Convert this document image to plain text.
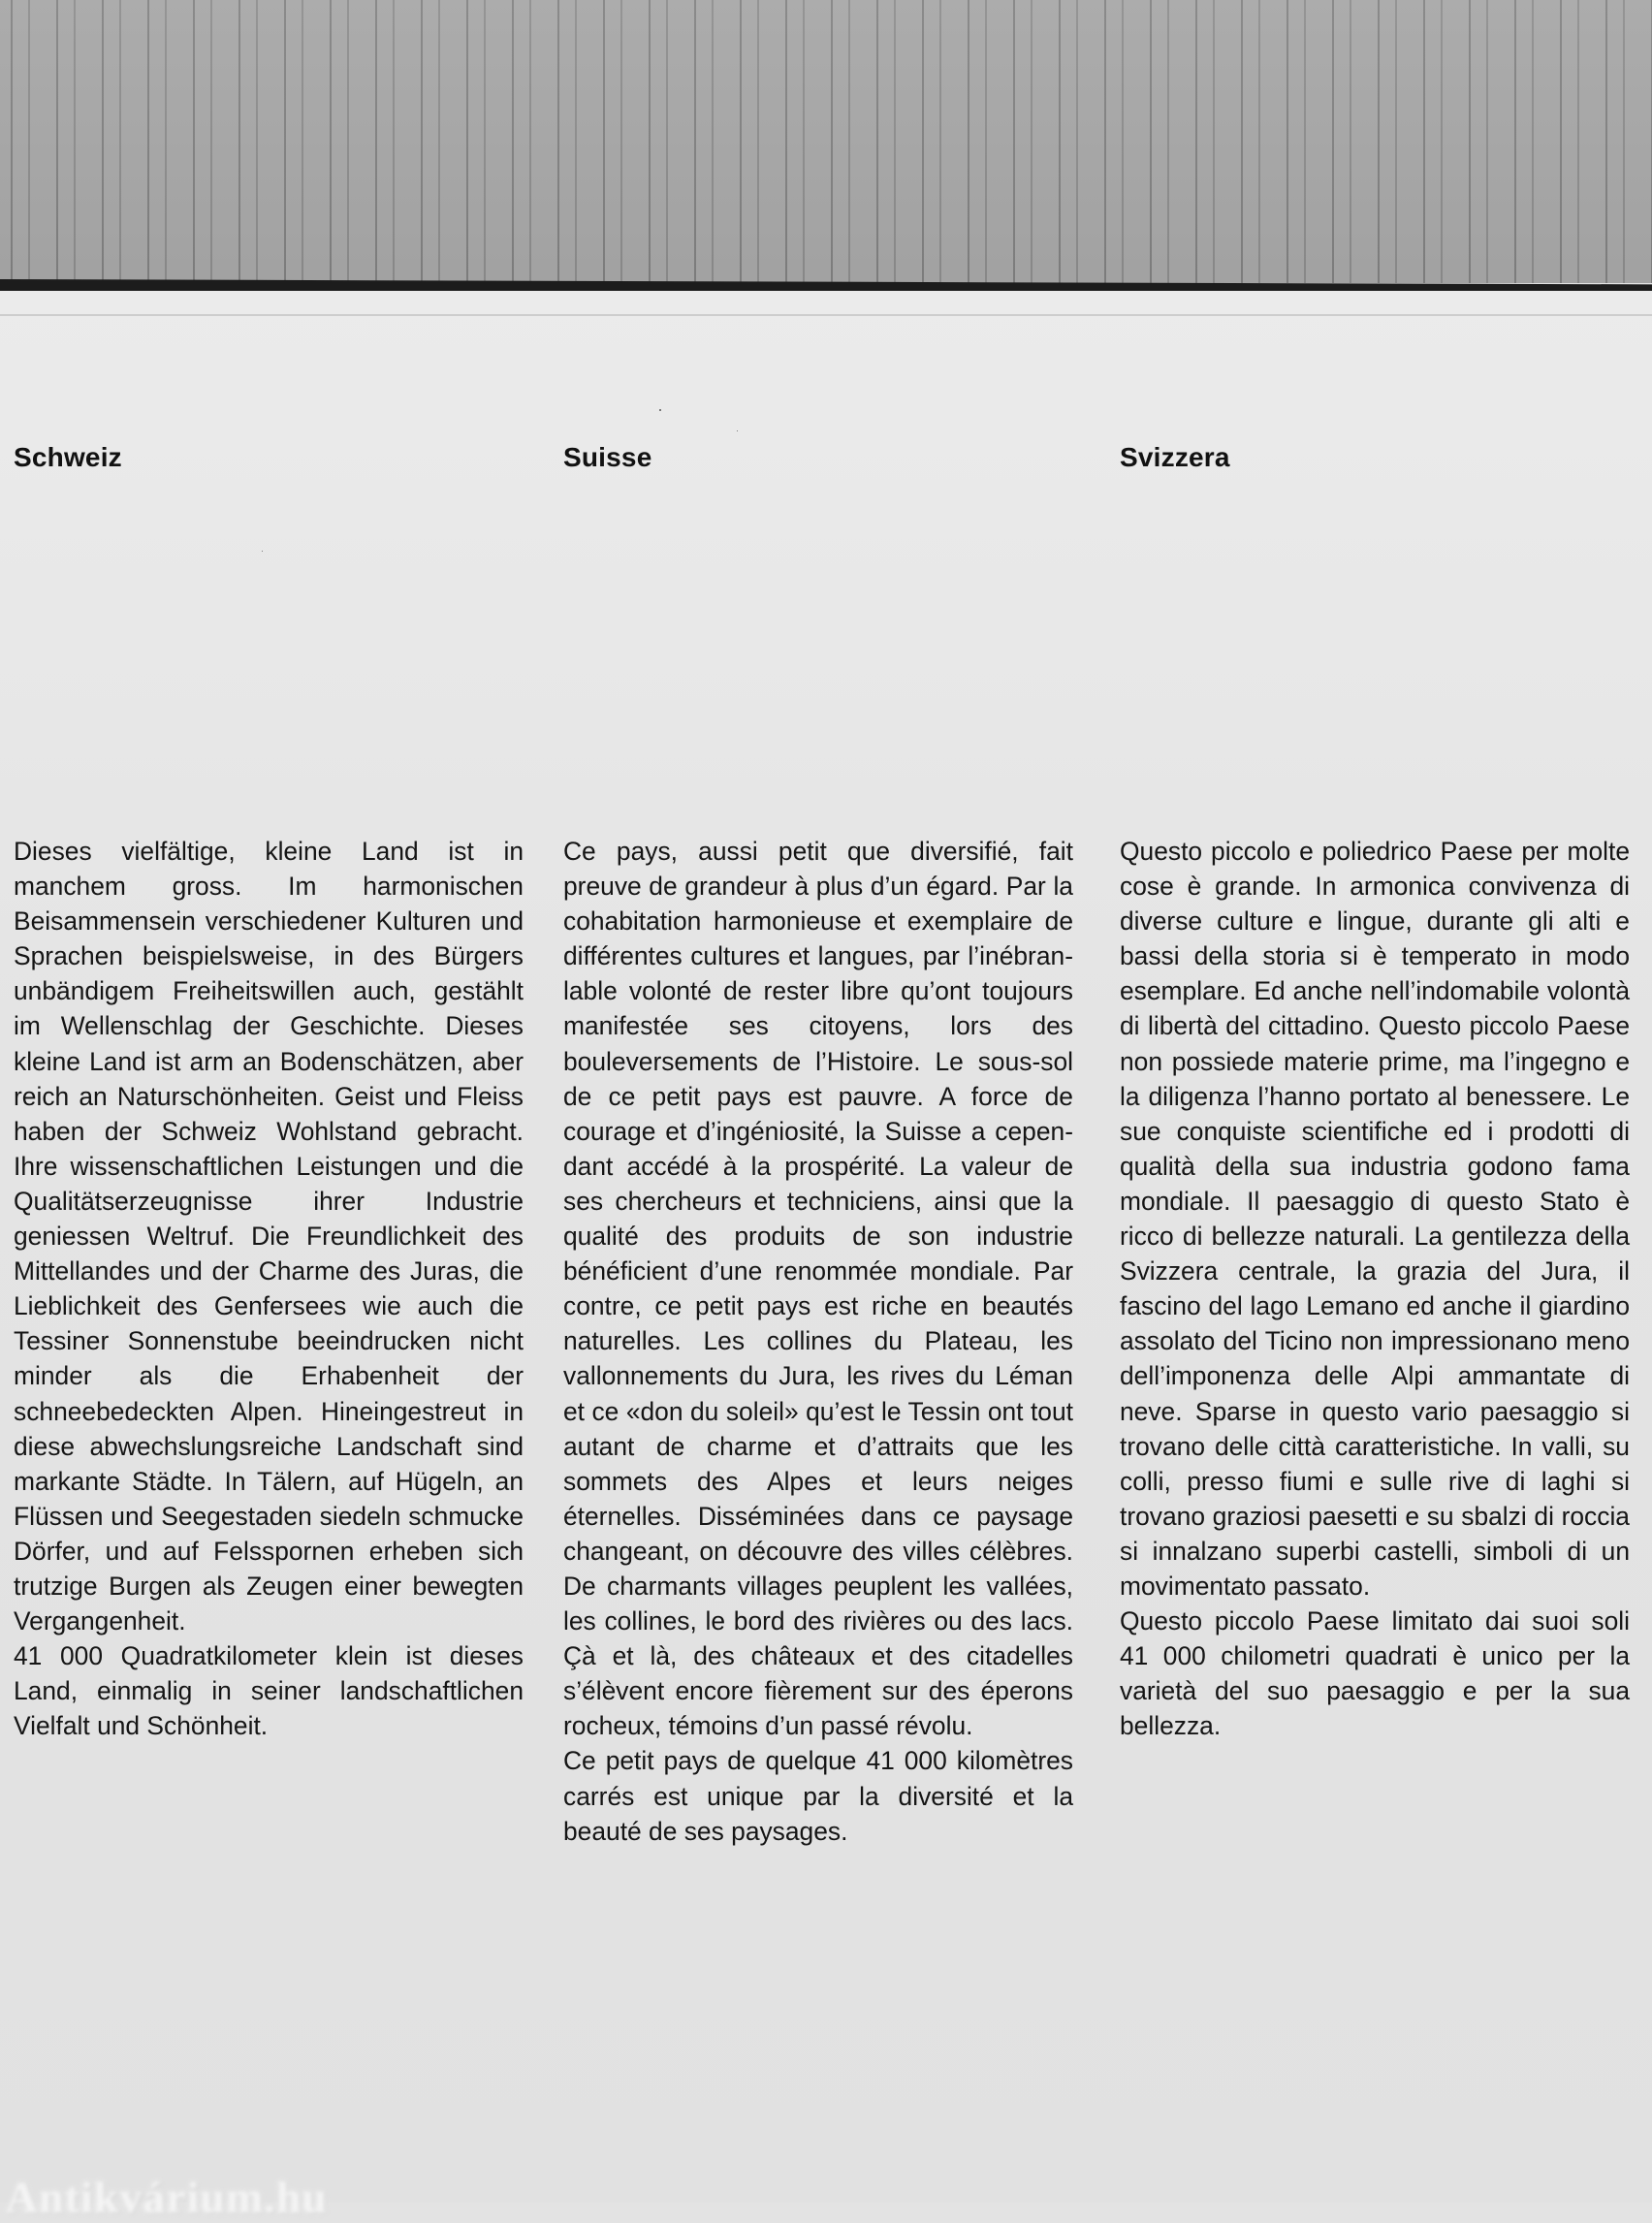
Schweiz

Dieses vielfältige, kleine Land ist in manchem gross. Im harmonischen Beisammensein verschiedener Kulturen und Sprachen beispielsweise, in des Bürgers unbändigem Freiheitswillen auch, gestählt im Wellenschlag der Geschichte. Dieses kleine Land ist arm an Bodenschätzen, aber reich an Naturschönheiten. Geist und Fleiss haben der Schweiz Wohlstand gebracht. Ihre wissenschaftlichen Leistungen und die Qualitätserzeugnisse ihrer Industrie geniessen Weltruf. Die Freundlichkeit des Mittellandes und der Charme des Juras, die Lieblichkeit des Genfersees wie auch die Tessiner Sonnenstube beeindrucken nicht minder als die Erhabenheit der schneebedeckten Alpen. Hineingestreut in diese abwechslungsreiche Landschaft sind markante Städte. In Tälern, auf Hügeln, an Flüssen und Seegestaden siedeln schmucke Dörfer, und auf Felsspornen erheben sich trutzige Burgen als Zeugen einer bewegten Vergangenheit.

41 000 Quadratkilometer klein ist dieses Land, einmalig in seiner landschaftlichen Vielfalt und Schönheit.

Suisse

Ce pays, aussi petit que diversifié, fait preuve de grandeur à plus d’un égard. Par la cohabitation harmonieuse et exemplaire de différentes cultures et langues, par l’inébranlable volonté de rester libre qu’ont toujours manifestée ses citoyens, lors des bouleversements de l’Histoire. Le sous-sol de ce petit pays est pauvre. A force de courage et d’ingéniosité, la Suisse a cependant accédé à la prospérité. La valeur de ses chercheurs et techniciens, ainsi que la qualité des produits de son industrie bénéficient d’une renommée mondiale. Par contre, ce petit pays est riche en beautés naturelles. Les collines du Plateau, les vallonnements du Jura, les rives du Léman et ce «don du soleil» qu’est le Tessin ont tout autant de charme et d’attraits que les sommets des Alpes et leurs neiges éternelles. Disséminées dans ce paysage changeant, on découvre des villes célèbres. De charmants villages peuplent les vallées, les collines, le bord des rivières ou des lacs. Çà et là, des châteaux et des citadelles s’élèvent encore fièrement sur des éperons rocheux, témoins d’un passé révolu.

Ce petit pays de quelque 41 000 kilomètres carrés est unique par la diversité et la beauté de ses paysages.

Svizzera

Questo piccolo e poliedrico Paese per molte cose è grande. In armonica convivenza di diverse culture e lingue, durante gli alti e bassi della storia si è temperato in modo esemplare. Ed anche nell’indomabile volontà di libertà del cittadino. Questo piccolo Paese non possiede materie prime, ma l’ingegno e la diligenza l’hanno portato al benessere. Le sue conquiste scientifiche ed i prodotti di qualità della sua industria godono fama mondiale. Il paesaggio di questo Stato è ricco di bellezze naturali. La gentilezza della Svizzera centrale, la grazia del Jura, il fascino del lago Lemano ed anche il giardino assolato del Ticino non impressionano meno dell’imponenza delle Alpi ammantate di neve. Sparse in questo vario paesaggio si trovano delle città caratteristiche. In valli, su colli, presso fiumi e sulle rive di laghi si trovano graziosi paesetti e su sbalzi di roccia si innalzano superbi castelli, simboli di un movimentato passato.

Questo piccolo Paese limitato dai suoi soli 41 000 chilometri quadrati è unico per la varietà del suo paesaggio e per la sua bellezza.

Antikvárium.hu
